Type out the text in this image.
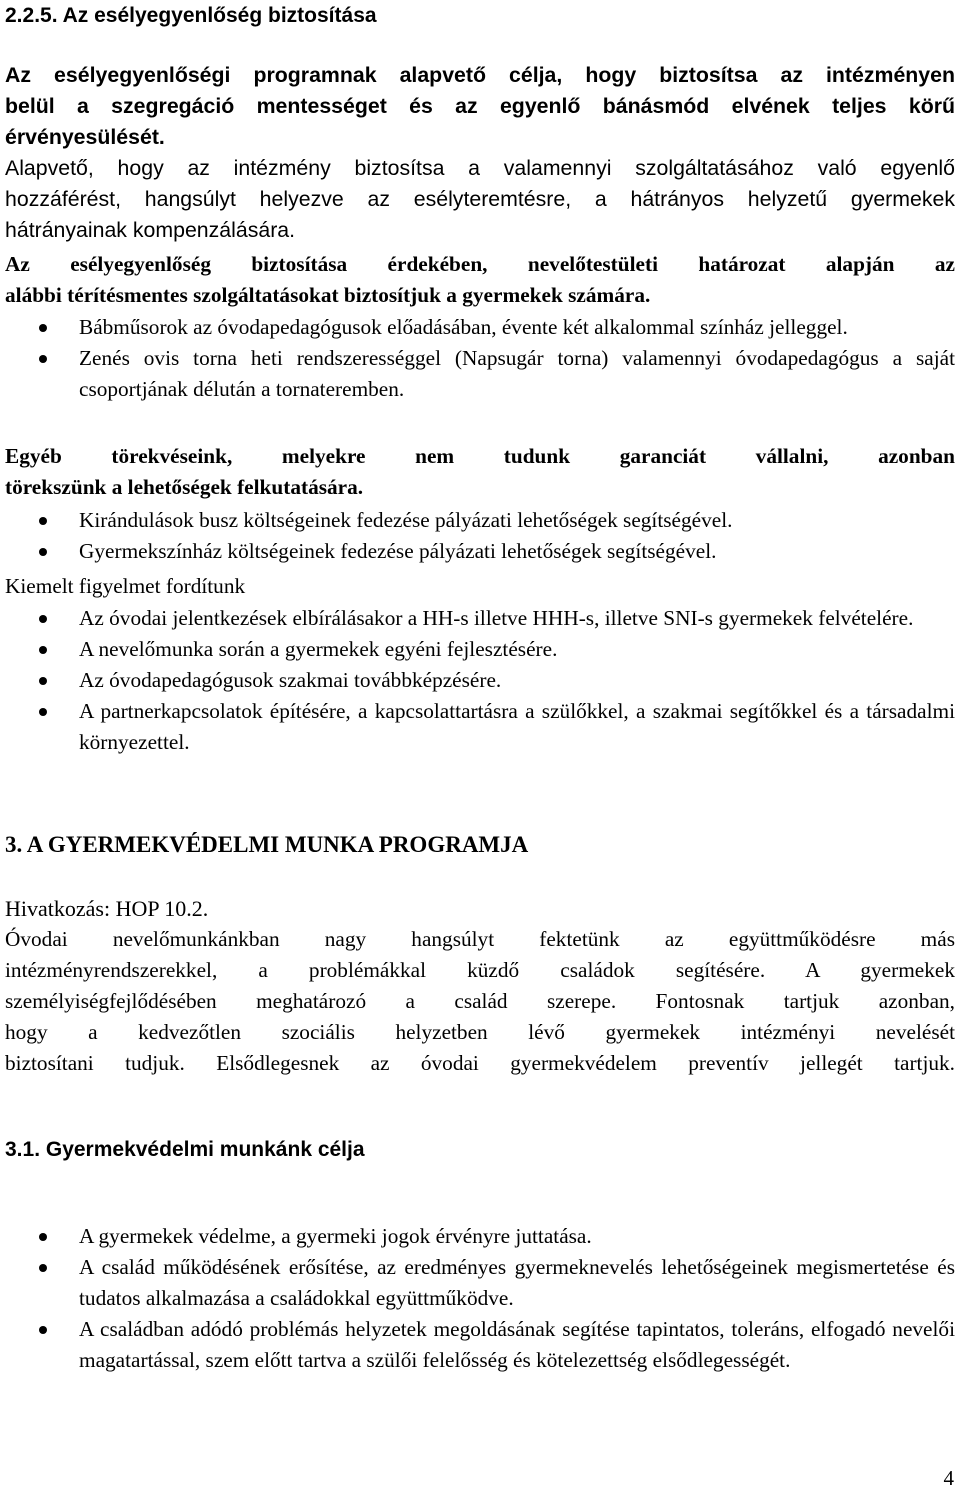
2.2.5. Az esélyegyenlőség biztosítása
Az esélyegyenlőségi programnak alapvető célja, hogy biztosítsa az intézményen
belül a szegregáció mentességet és az egyenlő bánásmód elvének teljes körű
érvényesülését.
Alapvető, hogy az intézmény biztosítsa a valamennyi szolgáltatásához való egyenlő
hozzáférést, hangsúlyt helyezve az esélyteremtésre, a hátrányos helyzetű gyermekek
hátrányainak kompenzálására.
Az esélyegyenlőség biztosítása érdekében, nevelőtestületi határozat alapján az
alábbi térítésmentes szolgáltatásokat biztosítjuk a gyermekek számára.
Bábműsorok az óvodapedagógusok előadásában, évente két alkalommal színház jelleggel.
Zenés ovis torna heti rendszerességgel (Napsugár torna) valamennyi óvodapedagógus a saját csoportjának délután a tornateremben.
Egyéb törekvéseink, melyekre nem tudunk garanciát vállalni, azonban
törekszünk a lehetőségek felkutatására.
Kirándulások busz költségeinek fedezése pályázati lehetőségek segítségével.
Gyermekszínház költségeinek fedezése pályázati lehetőségek segítségével.
Kiemelt figyelmet fordítunk
Az óvodai jelentkezések elbírálásakor a HH-s illetve HHH-s, illetve SNI-s gyermekek felvételére.
A nevelőmunka során a gyermekek egyéni fejlesztésére.
Az óvodapedagógusok szakmai továbbképzésére.
A partnerkapcsolatok építésére, a kapcsolattartásra a szülőkkel, a szakmai segítőkkel és a társadalmi környezettel.
3. A GYERMEKVÉDELMI MUNKA PROGRAMJA
Hivatkozás: HOP 10.2.
Óvodai nevelőmunkánkban nagy hangsúlyt fektetünk az együttműködésre más
intézményrendszerekkel, a problémákkal küzdő családok segítésére. A gyermekek
személyiségfejlődésében meghatározó a család szerepe. Fontosnak tartjuk azonban,
hogy a kedvezőtlen szociális helyzetben lévő gyermekek intézményi nevelését
biztosítani tudjuk. Elsődlegesnek az óvodai gyermekvédelem preventív jellegét tartjuk.
3.1. Gyermekvédelmi munkánk célja
A gyermekek védelme, a gyermeki jogok érvényre juttatása.
A család működésének erősítése, az eredményes gyermeknevelés lehetőségeinek megismertetése és tudatos alkalmazása a családokkal együttműködve.
A családban adódó problémás helyzetek megoldásának segítése tapintatos, toleráns, elfogadó nevelői magatartással, szem előtt tartva a szülői felelősség és kötelezettség elsődlegességét.
4
